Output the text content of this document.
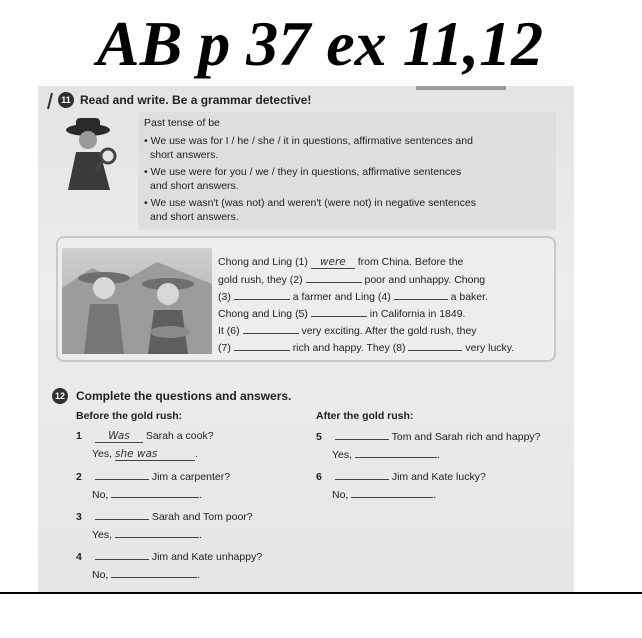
AB p 37 ex 11,12
11 Read and write. Be a grammar detective!
Past tense of be
• We use was for I / he / she / it in questions, affirmative sentences and
short answers.
• We use were for you / we / they in questions, affirmative sentences
and short answers.
• We use wasn't (was not) and weren't (were not) in negative sentences
and short answers.
Chong and Ling (1) were from China. Before the
gold rush, they (2)	poor and unhappy. Chong
(3)	a farmer and Ling (4)	a baker.
Chong and Ling (5)	in California in 1849.
It (6)	very exciting. After the gold rush, they
(7)	rich and happy. They (8)	very lucky.
12 Complete the questions and answers.
Before the gold rush:	After the gold rush:
1 Was Sarah a cook?
Yes, she was	.
2	Jim a carpenter?
No,	.
3	Sarah and Tom poor?
Yes,	.
4	Jim and Kate unhappy?
No,	.
5	Tom and Sarah rich and happy?
Yes,	.
6	Jim and Kate lucky?
No,	.
